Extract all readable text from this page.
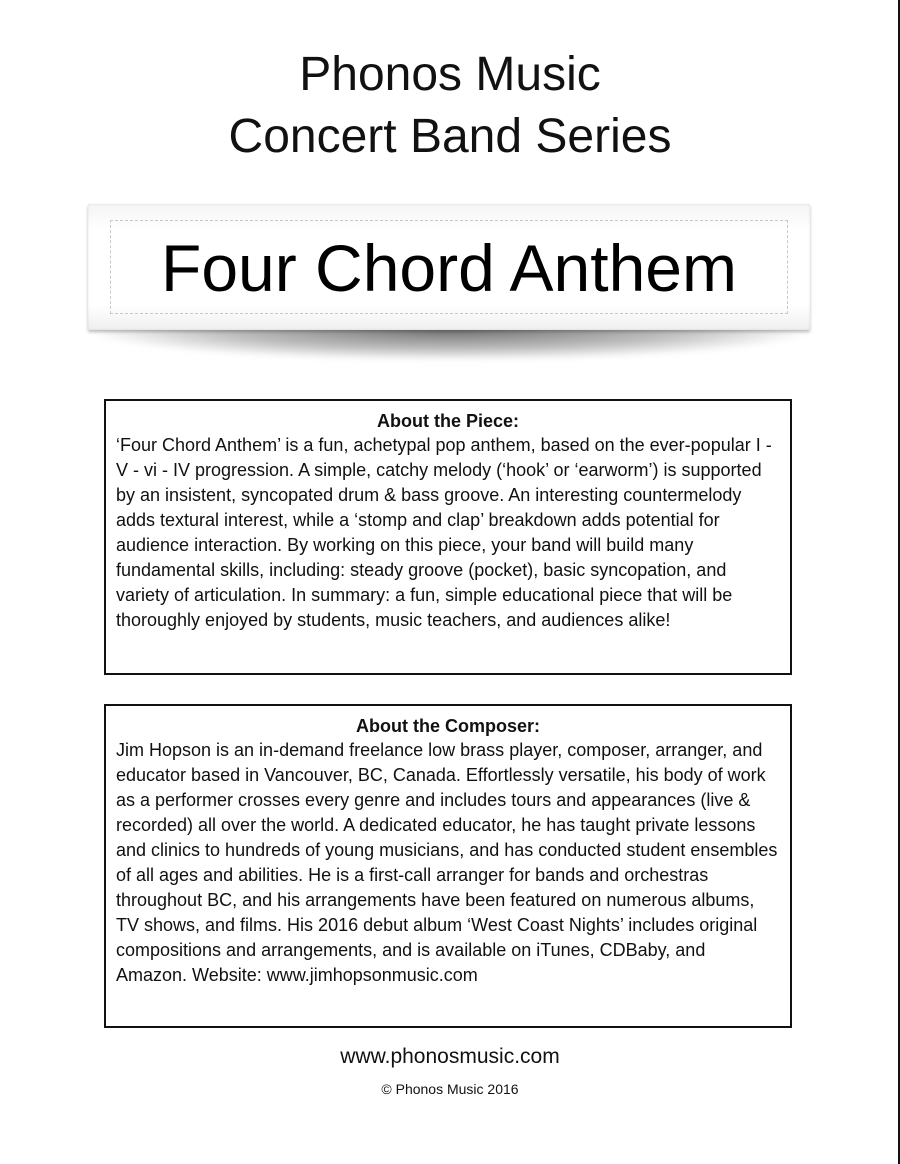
Phonos Music
Concert Band Series
Four Chord Anthem
About the Piece:

‘Four Chord Anthem’ is a fun, achetypal pop anthem, based on the ever-popular I - V - vi - IV progression. A simple, catchy melody (‘hook’ or ‘earworm’) is supported by an insistent, syncopated drum & bass groove. An interesting countermelody adds textural interest, while a ‘stomp and clap’ breakdown adds potential for audience interaction. By working on this piece, your band will build many fundamental skills, including: steady groove (pocket), basic syncopation, and variety of articulation. In summary: a fun, simple educational piece that will be thoroughly enjoyed by students, music teachers, and audiences alike!

About the Composer:

Jim Hopson is an in-demand freelance low brass player, composer, arranger, and educator based in Vancouver, BC, Canada. Effortlessly versatile, his body of work as a performer crosses every genre and includes tours and appearances (live & recorded) all over the world. A dedicated educator, he has taught private lessons and clinics to hundreds of young musicians, and has conducted student ensembles of all ages and abilities. He is a first-call arranger for bands and orchestras throughout BC, and his arrangements have been featured on numerous albums, TV shows, and films. His 2016 debut album ‘West Coast Nights’ includes original compositions and arrangements, and is available on iTunes, CDBaby, and Amazon. Website: www.jimhopsonmusic.com

www.phonosmusic.com
© Phonos Music 2016
